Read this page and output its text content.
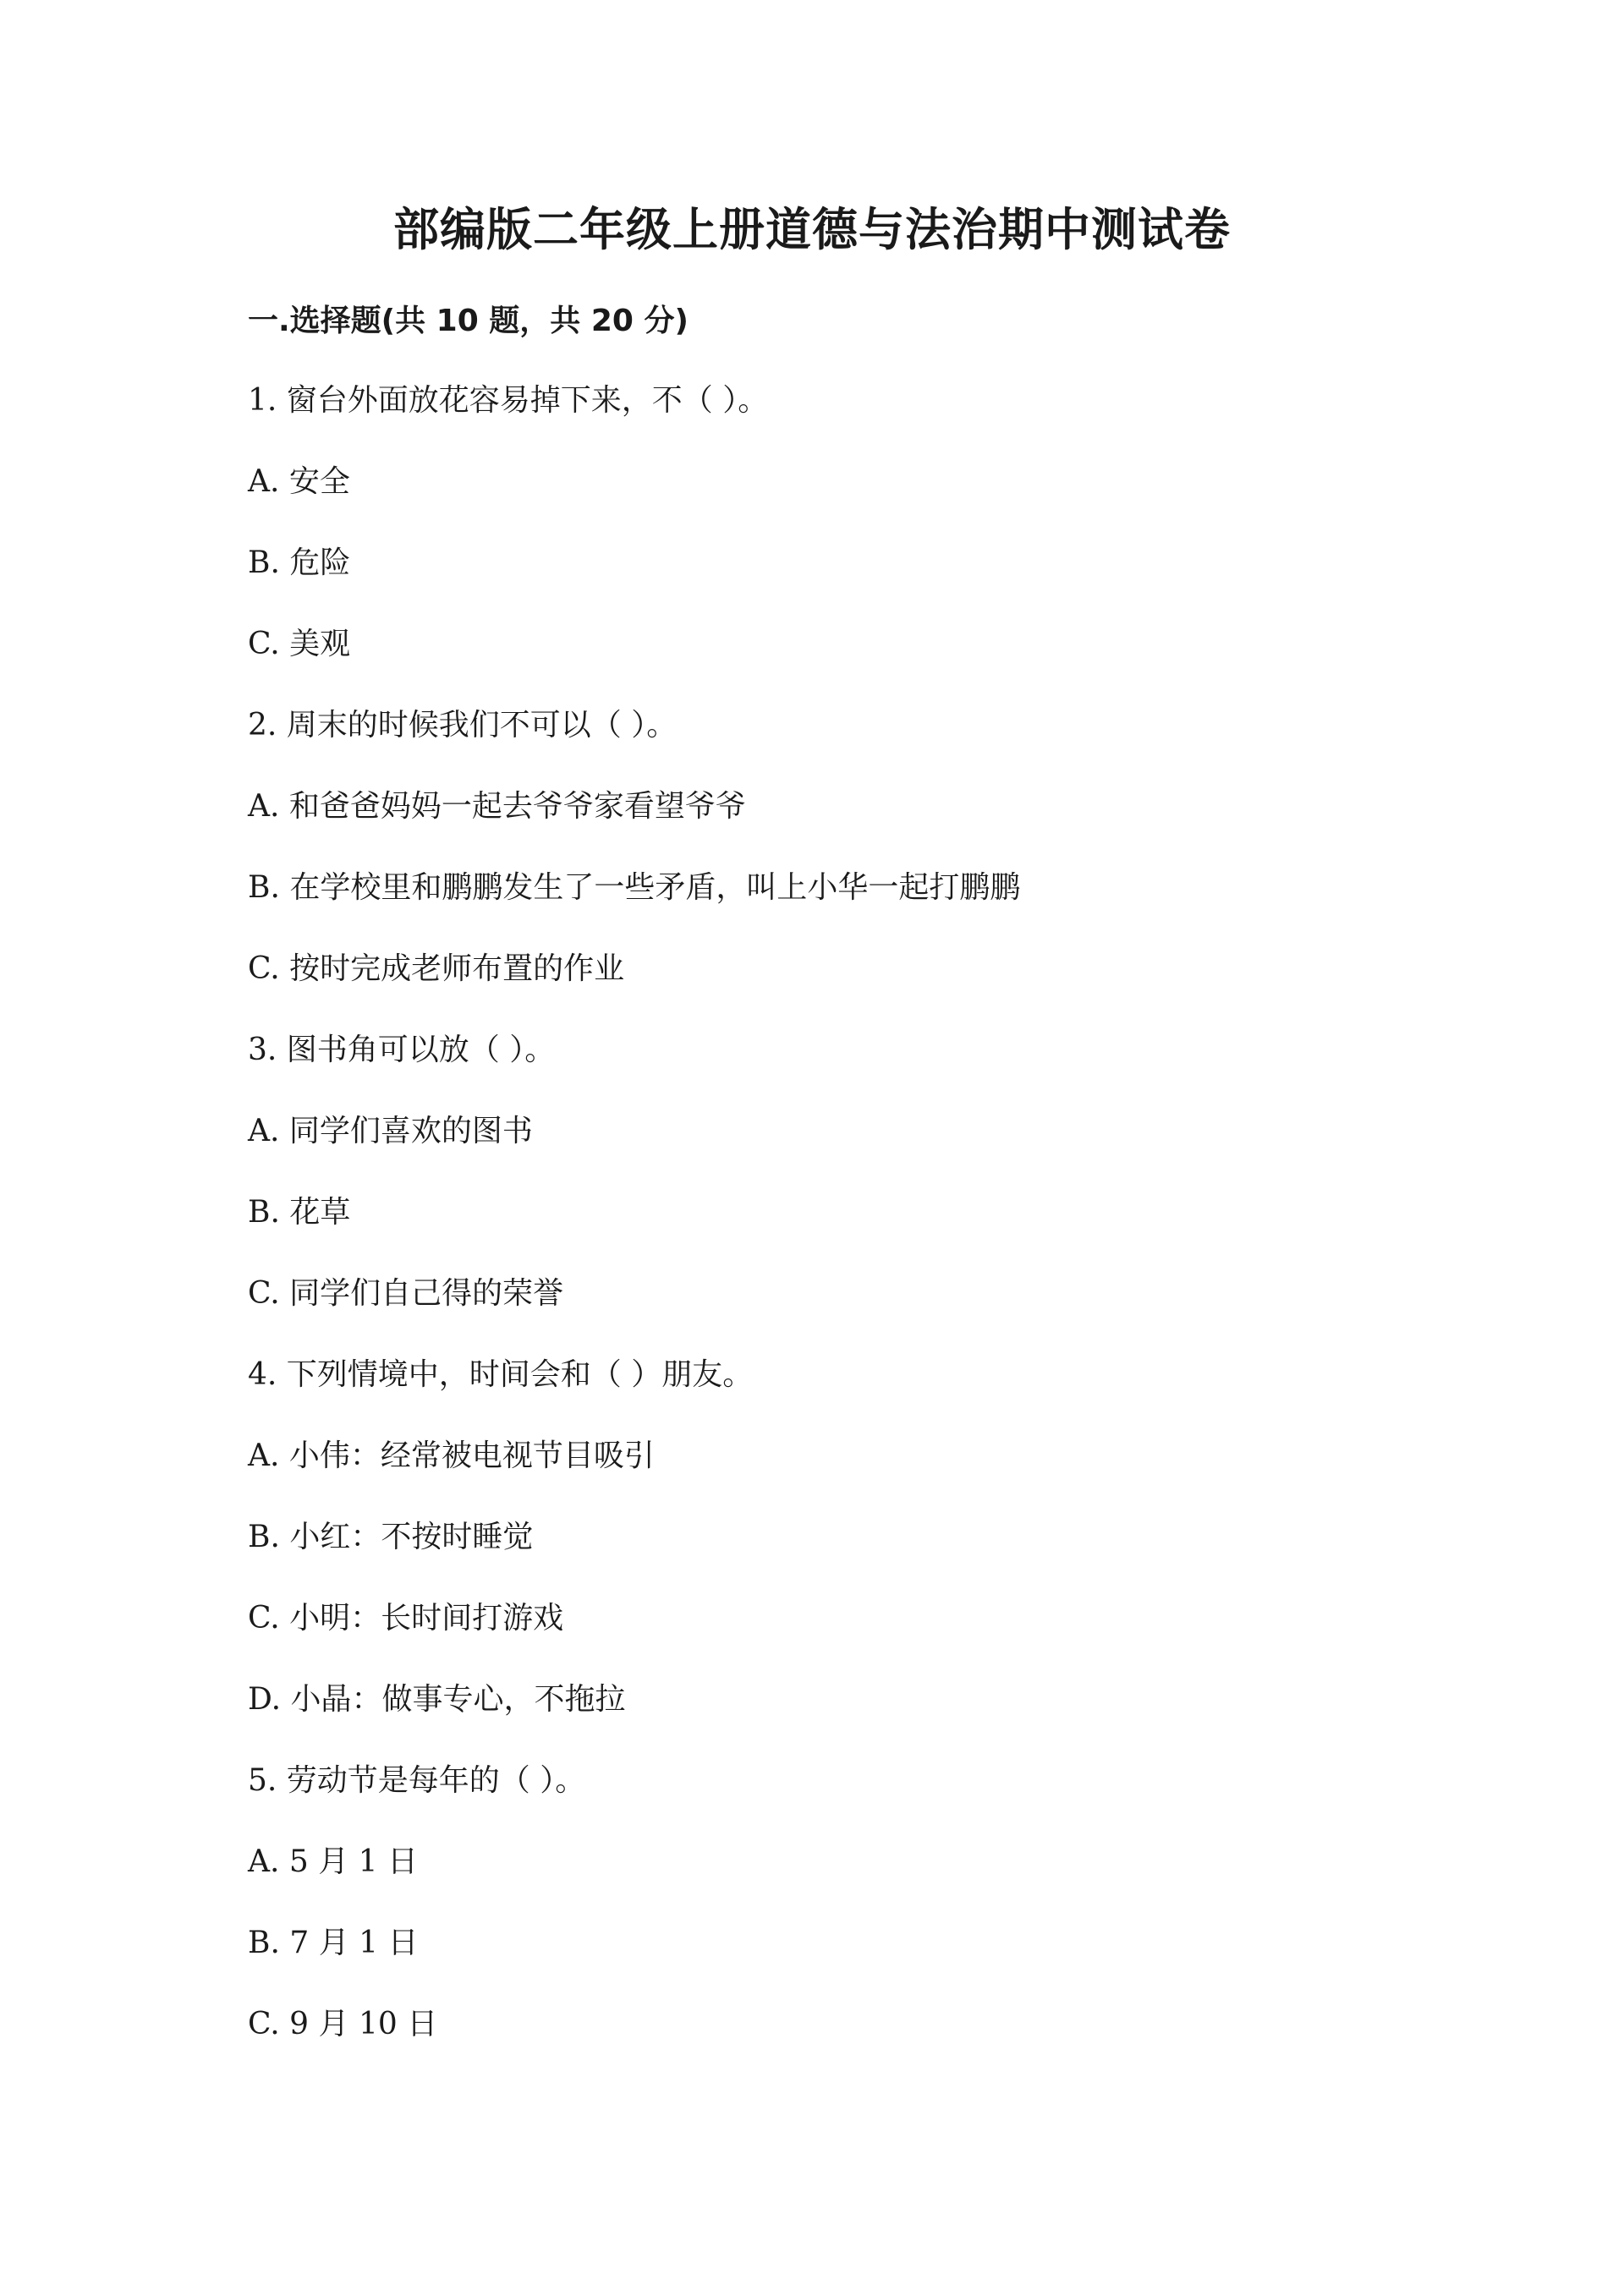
部编版二年级上册道德与法治期中测试卷
一.选择题(共 10 题，共 20 分)
1. 窗台外面放花容易掉下来，不（ ）。
A. 安全
B. 危险
C. 美观
2. 周末的时候我们不可以（ ）。
A. 和爸爸妈妈一起去爷爷家看望爷爷
B. 在学校里和鹏鹏发生了一些矛盾，叫上小华一起打鹏鹏
C. 按时完成老师布置的作业
3. 图书角可以放（ ）。
A. 同学们喜欢的图书
B. 花草
C. 同学们自己得的荣誉
4. 下列情境中，时间会和（ ）朋友。
A. 小伟：经常被电视节目吸引
B. 小红：不按时睡觉
C. 小明：长时间打游戏
D. 小晶：做事专心，不拖拉
5. 劳动节是每年的（ ）。
A. 5 月 1 日
B. 7 月 1 日
C. 9 月 10 日
